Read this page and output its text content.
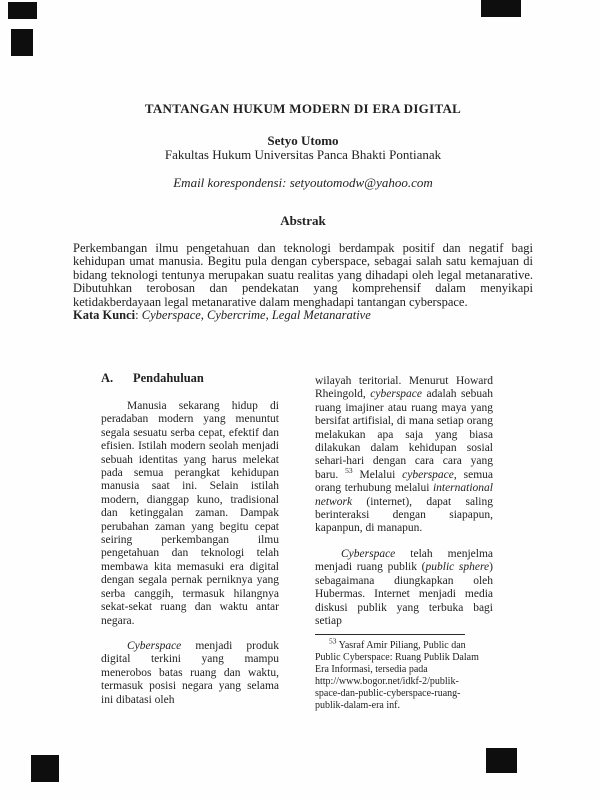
TANTANGAN HUKUM MODERN DI ERA DIGITAL
Setyo Utomo
Fakultas Hukum Universitas Panca Bhakti Pontianak
Email korespondensi: setyoutomodw@yahoo.com
Abstrak

Perkembangan ilmu pengetahuan dan teknologi berdampak positif dan negatif bagi kehidupan umat manusia. Begitu pula dengan cyberspace, sebagai salah satu kemajuan di bidang teknologi tentunya merupakan suatu realitas yang dihadapi oleh legal metanarative. Dibutuhkan terobosan dan pendekatan yang komprehensif dalam menyikapi ketidakberdayaan legal metanarative dalam menghadapi tantangan cyberspace.

Kata Kunci: Cyberspace, Cybercrime, Legal Metanarative

A. Pendahuluan

Manusia sekarang hidup di peradaban modern yang menuntut segala sesuatu serba cepat, efektif dan efisien. Istilah modern seolah menjadi sebuah identitas yang harus melekat pada semua perangkat kehidupan manusia saat ini. Selain istilah modern, dianggap kuno, tradisional dan ketinggalan zaman. Dampak perubahan zaman yang begitu cepat seiring perkembangan ilmu pengetahuan dan teknologi telah membawa kita memasuki era digital dengan segala pernak perniknya yang serba canggih, termasuk hilangnya sekat-sekat ruang dan waktu antar negara.

Cyberspace menjadi produk digital terkini yang mampu menerobos batas ruang dan waktu, termasuk posisi negara yang selama ini dibatasi oleh

wilayah teritorial. Menurut Howard Rheingold, cyberspace adalah sebuah ruang imajiner atau ruang maya yang bersifat artifisial, di mana setiap orang melakukan apa saja yang biasa dilakukan dalam kehidupan sosial sehari-hari dengan cara cara yang baru. $^{53}$ Melalui cyberspace, semua orang terhubung melalui international network (internet), dapat saling berinteraksi dengan siapapun, kapanpun, di manapun.

Cyberspace telah menjelma menjadi ruang publik (public sphere) sebagaimana diungkapkan oleh Hubermas. Internet menjadi media diskusi publik yang terbuka bagi setiap

$^{53}$ Yasraf Amir Piliang, Public dan Public Cyberspace: Ruang Publik Dalam Era Informasi, tersedia pada http://www.bogor.net/idkf-2/publik-space-dan-public-cyberspace-ruang-publik-dalam-era inf.
